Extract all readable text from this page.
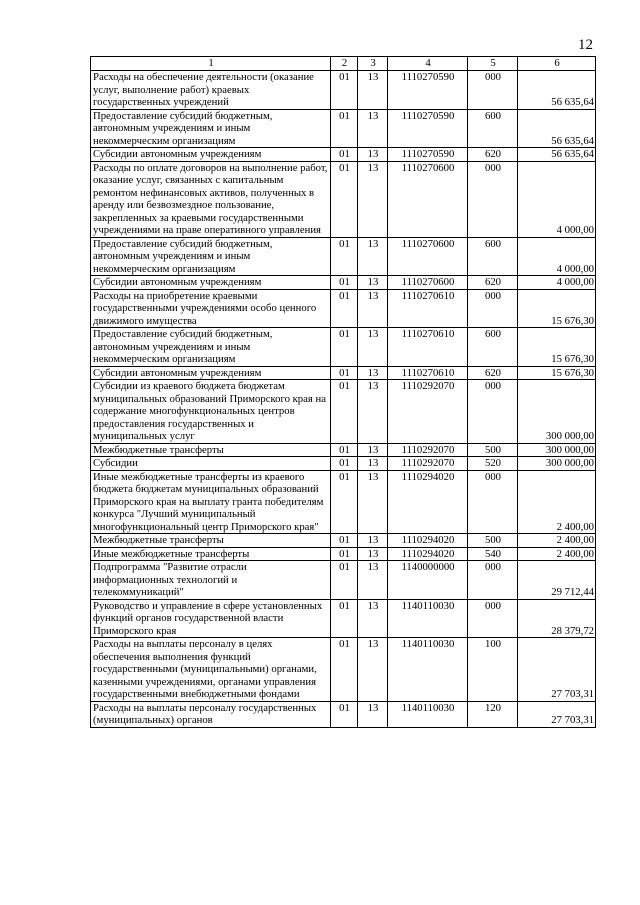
12
1	2	3	4	5	6
Расходы на обеспечение деятельности (оказание услуг, выполнение работ) краевых государственных учреждений	01	13	1110270590	000	56 635,64
Предоставление субсидий бюджетным, автономным учреждениям и иным некоммерческим организациям	01	13	1110270590	600	56 635,64
Субсидии автономным учреждениям	01	13	1110270590	620	56 635,64
Расходы по оплате договоров на выполнение работ, оказание услуг, связанных с капитальным ремонтом нефинансовых активов, полученных в аренду или безвозмездное пользование, закрепленных за краевыми государственными учреждениями на праве оперативного управления	01	13	1110270600	000	4 000,00
Предоставление субсидий бюджетным, автономным учреждениям и иным некоммерческим организациям	01	13	1110270600	600	4 000,00
Субсидии автономным учреждениям	01	13	1110270600	620	4 000,00
Расходы на приобретение краевыми государственными учреждениями особо ценного движимого имущества	01	13	1110270610	000	15 676,30
Предоставление субсидий бюджетным, автономным учреждениям и иным некоммерческим организациям	01	13	1110270610	600	15 676,30
Субсидии автономным учреждениям	01	13	1110270610	620	15 676,30
Субсидии из краевого бюджета бюджетам муниципальных образований Приморского края на содержание многофункциональных центров предоставления государственных и муниципальных услуг	01	13	1110292070	000	300 000,00
Межбюджетные трансферты	01	13	1110292070	500	300 000,00
Субсидии	01	13	1110292070	520	300 000,00
Иные межбюджетные трансферты из краевого бюджета бюджетам муниципальных образований Приморского края на выплату гранта победителям конкурса "Лучший муниципальный многофункциональный центр Приморского края"	01	13	1110294020	000	2 400,00
Межбюджетные трансферты	01	13	1110294020	500	2 400,00
Иные межбюджетные трансферты	01	13	1110294020	540	2 400,00
Подпрограмма "Развитие отрасли информационных технологий и телекоммуникаций"	01	13	1140000000	000	29 712,44
Руководство и управление в сфере установленных функций органов государственной власти Приморского края	01	13	1140110030	000	28 379,72
Расходы на выплаты персоналу в целях обеспечения выполнения функций государственными (муниципальными) органами, казенными учреждениями, органами управления государственными внебюджетными фондами	01	13	1140110030	100	27 703,31
Расходы на выплаты персоналу государственных (муниципальных) органов	01	13	1140110030	120	27 703,31
